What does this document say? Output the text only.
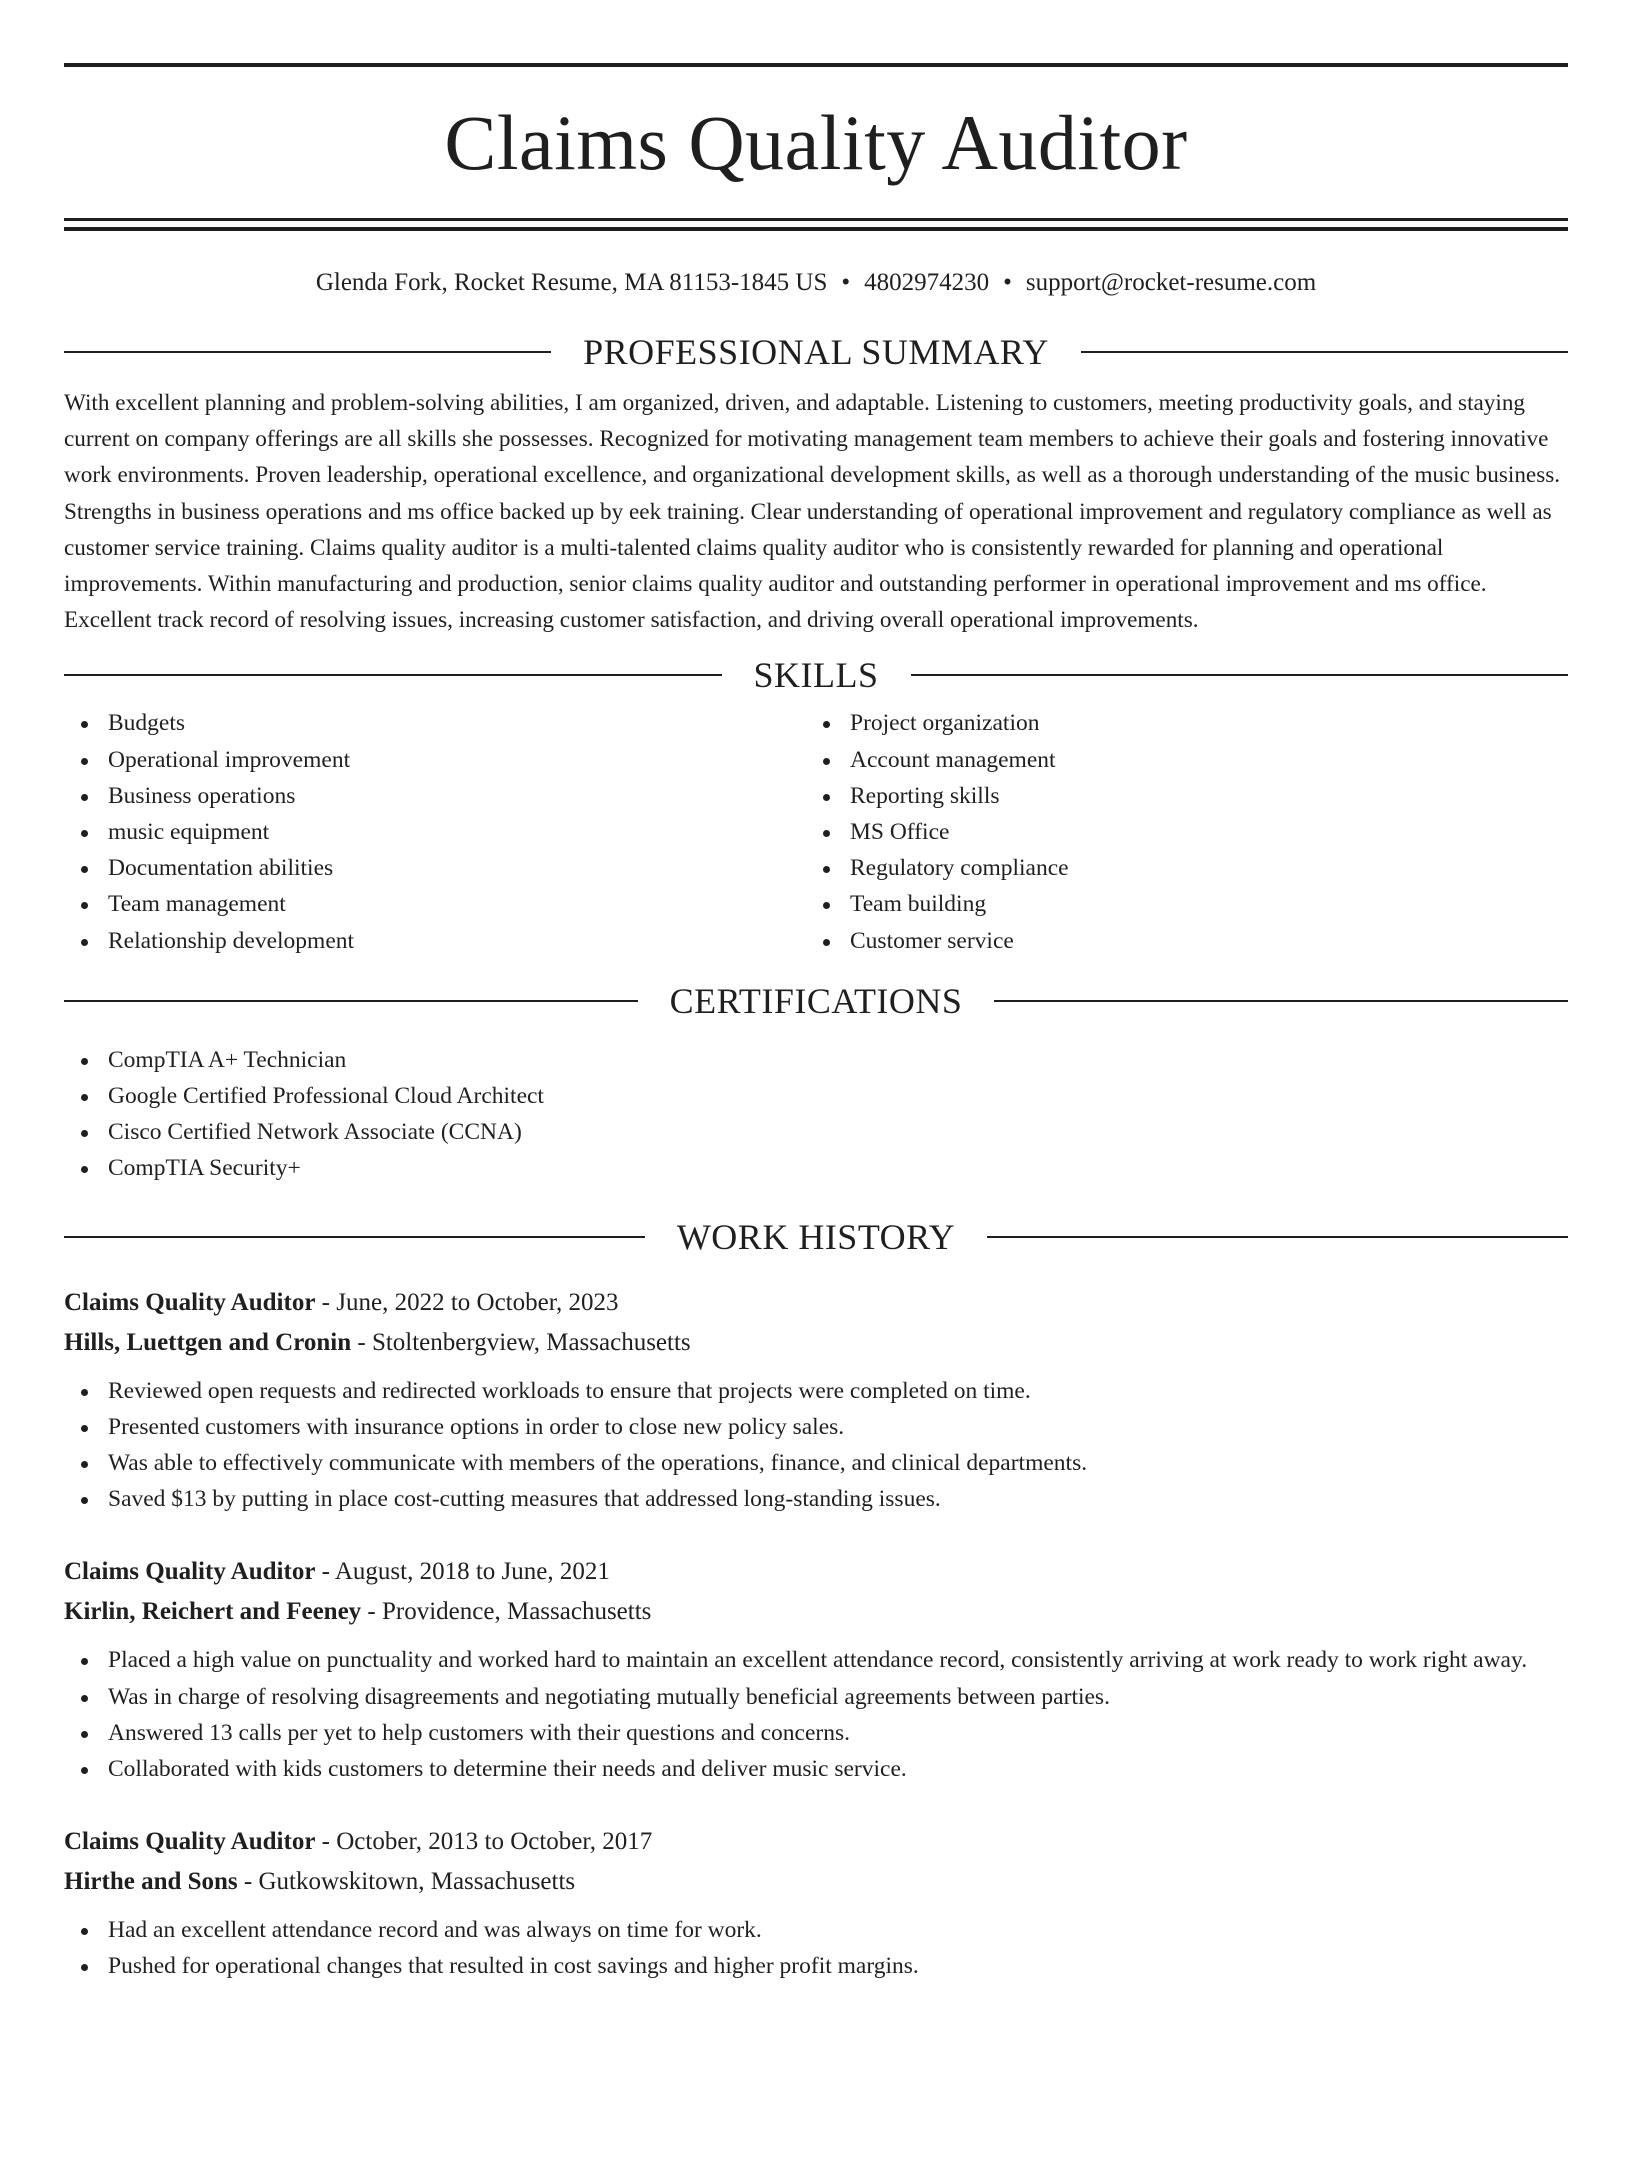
Claims Quality Auditor
Glenda Fork, Rocket Resume, MA 81153-1845 US • 4802974230 • support@rocket-resume.com
PROFESSIONAL SUMMARY

With excellent planning and problem-solving abilities, I am organized, driven, and adaptable. Listening to customers, meeting productivity goals, and staying current on company offerings are all skills she possesses. Recognized for motivating management team members to achieve their goals and fostering innovative work environments. Proven leadership, operational excellence, and organizational development skills, as well as a thorough understanding of the music business. Strengths in business operations and ms office backed up by eek training. Clear understanding of operational improvement and regulatory compliance as well as customer service training. Claims quality auditor is a multi-talented claims quality auditor who is consistently rewarded for planning and operational improvements. Within manufacturing and production, senior claims quality auditor and outstanding performer in operational improvement and ms office. Excellent track record of resolving issues, increasing customer satisfaction, and driving overall operational improvements.

SKILLS
Budgets
Operational improvement
Business operations
music equipment
Documentation abilities
Team management
Relationship development
Project organization
Account management
Reporting skills
MS Office
Regulatory compliance
Team building
Customer service
CERTIFICATIONS
CompTIA A+ Technician
Google Certified Professional Cloud Architect
Cisco Certified Network Associate (CCNA)
CompTIA Security+
WORK HISTORY
Claims Quality Auditor - June, 2022 to October, 2023
Hills, Luettgen and Cronin - Stoltenbergview, Massachusetts
Reviewed open requests and redirected workloads to ensure that projects were completed on time.
Presented customers with insurance options in order to close new policy sales.
Was able to effectively communicate with members of the operations, finance, and clinical departments.
Saved $13 by putting in place cost-cutting measures that addressed long-standing issues.
Claims Quality Auditor - August, 2018 to June, 2021
Kirlin, Reichert and Feeney - Providence, Massachusetts
Placed a high value on punctuality and worked hard to maintain an excellent attendance record, consistently arriving at work ready to work right away.
Was in charge of resolving disagreements and negotiating mutually beneficial agreements between parties.
Answered 13 calls per yet to help customers with their questions and concerns.
Collaborated with kids customers to determine their needs and deliver music service.
Claims Quality Auditor - October, 2013 to October, 2017
Hirthe and Sons - Gutkowskitown, Massachusetts
Had an excellent attendance record and was always on time for work.
Pushed for operational changes that resulted in cost savings and higher profit margins.
